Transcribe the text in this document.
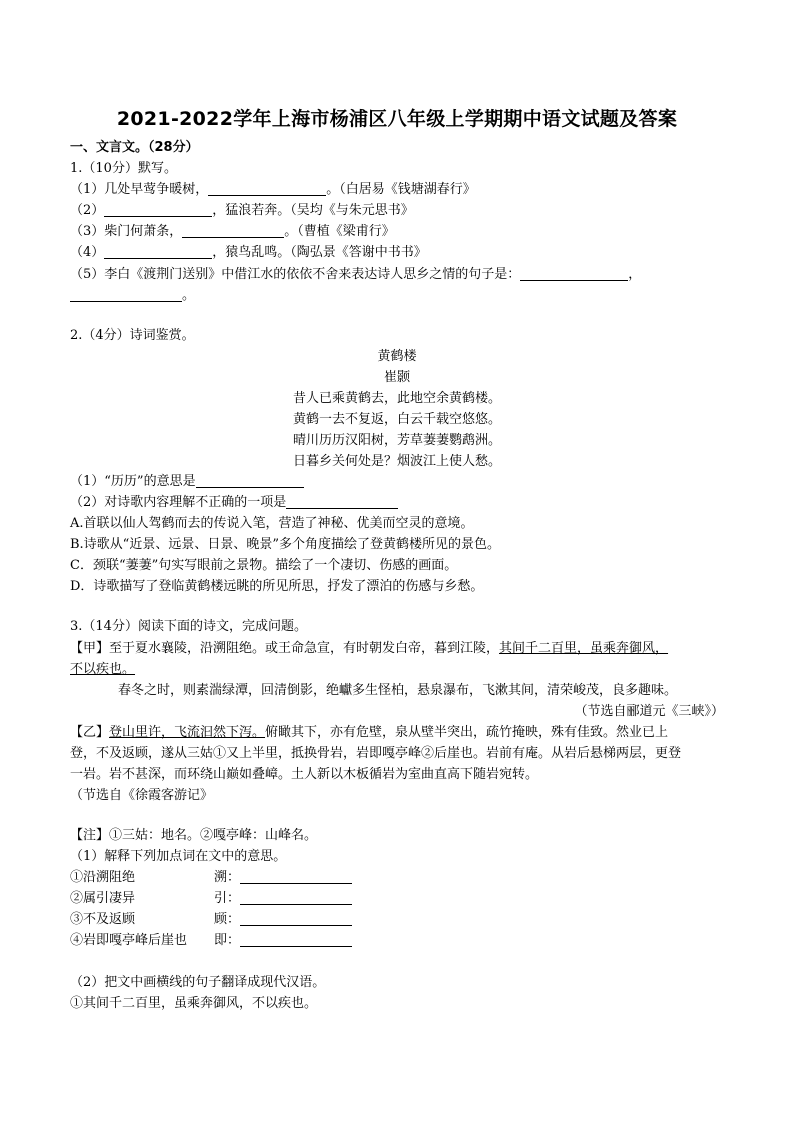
2021-2022学年上海市杨浦区八年级上学期期中语文试题及答案
一、文言文。（28分）
1.（10分）默写。
（1）几处早莺争暖树，	。（白居易《钱塘湖春行》
（2）	，猛浪若奔。（吴均《与朱元思书》
（3）柴门何萧条，	。（曹植《梁甫行》
（4）	，猿鸟乱鸣。（陶弘景《答谢中书书》
（5）李白《渡荆门送别》中借江水的依依不舍来表达诗人思乡之情的句子是：	，
。
2.（4分）诗词鉴赏。
黄鹤楼
崔颢
昔人已乘黄鹤去，此地空余黄鹤楼。
黄鹤一去不复返，白云千载空悠悠。
晴川历历汉阳树，芳草萋萋鹦鹉洲。
日暮乡关何处是？烟波江上使人愁。
（1）“历历”的意思是
（2）对诗歌内容理解不正确的一项是
A.首联以仙人驾鹤而去的传说入笔，营造了神秘、优美而空灵的意境。
B.诗歌从“近景、远景、日景、晚景”多个角度描绘了登黄鹤楼所见的景色。
C．颈联“萋萋”句实写眼前之景物。描绘了一个凄切、伤感的画面。
D．诗歌描写了登临黄鹤楼远眺的所见所思，抒发了漂泊的伤感与乡愁。
3.（14分）阅读下面的诗文，完成问题。
【甲】至于夏水襄陵，沿溯阻绝。或王命急宣，有时朝发白帝，暮到江陵，其间千二百里，虽乘奔御风，
不以疾也。
春冬之时，则素湍绿潭，回清倒影，绝巘多生怪柏，悬泉瀑布，飞漱其间，清荣峻茂，良多趣味。
（节选自郦道元《三峡》）
【乙】登山里许，飞流汩然下泻。俯瞰其下，亦有危壁，泉从壁半突出，疏竹掩映，殊有佳致。然业已上
登，不及返顾，遂从三姑①又上半里，抵换骨岩，岩即嘎亭峰②后崖也。岩前有庵。从岩后悬梯两层，更登
一岩。岩不甚深，而环绕山巅如叠嶂。土人新以木板循岩为室曲直高下随岩宛转。
（节选自《徐霞客游记》
【注】①三姑：地名。②嘎亭峰：山峰名。
（1）解释下列加点词在文中的意思。
①沿溯阻绝	溯：
②属引凄异	引：
③不及返顾	顾：
④岩即嘎亭峰后崖也 即：
（2）把文中画横线的句子翻译成现代汉语。
①其间千二百里，虽乘奔御风，不以疾也。
